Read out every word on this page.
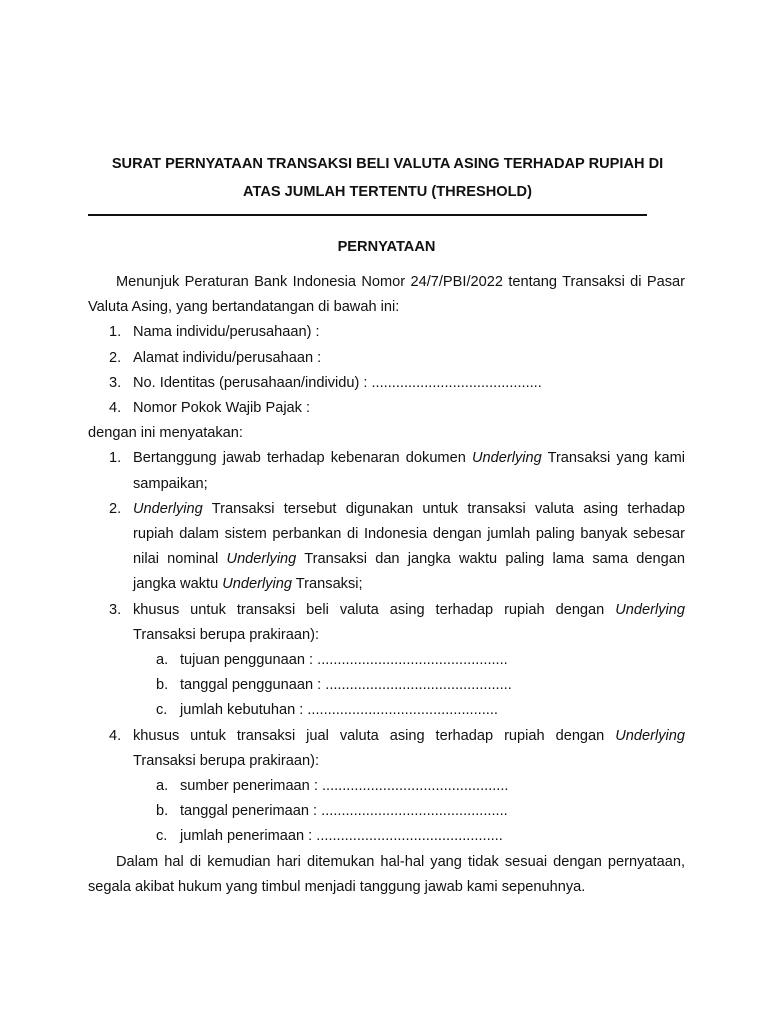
SURAT PERNYATAAN TRANSAKSI BELI VALUTA ASING TERHADAP RUPIAH DI
ATAS JUMLAH TERTENTU (THRESHOLD)
PERNYATAAN

Menunjuk Peraturan Bank Indonesia Nomor 24/7/PBI/2022 tentang Transaksi di Pasar Valuta Asing, yang bertandatangan di bawah ini:

1. Nama individu/perusahaan) :
2. Alamat individu/perusahaan :
3. No. Identitas (perusahaan/individu) : ..........................................
4. Nomor Pokok Wajib Pajak :

dengan ini menyatakan:

1. Bertanggung jawab terhadap kebenaran dokumen Underlying Transaksi yang kami sampaikan;
2. Underlying Transaksi tersebut digunakan untuk transaksi valuta asing terhadap rupiah dalam sistem perbankan di Indonesia dengan jumlah paling banyak sebesar nilai nominal Underlying Transaksi dan jangka waktu paling lama sama dengan jangka waktu Underlying Transaksi;
3. khusus untuk transaksi beli valuta asing terhadap rupiah dengan Underlying Transaksi berupa prakiraan):
a. tujuan penggunaan : ...............................................
b. tanggal penggunaan : ..............................................
c. jumlah kebutuhan : ...............................................
4. khusus untuk transaksi jual valuta asing terhadap rupiah dengan Underlying Transaksi berupa prakiraan):
a. sumber penerimaan : ..............................................
b. tanggal penerimaan : ..............................................
c. jumlah penerimaan : ..............................................

Dalam hal di kemudian hari ditemukan hal-hal yang tidak sesuai dengan pernyataan, segala akibat hukum yang timbul menjadi tanggung jawab kami sepenuhnya.
